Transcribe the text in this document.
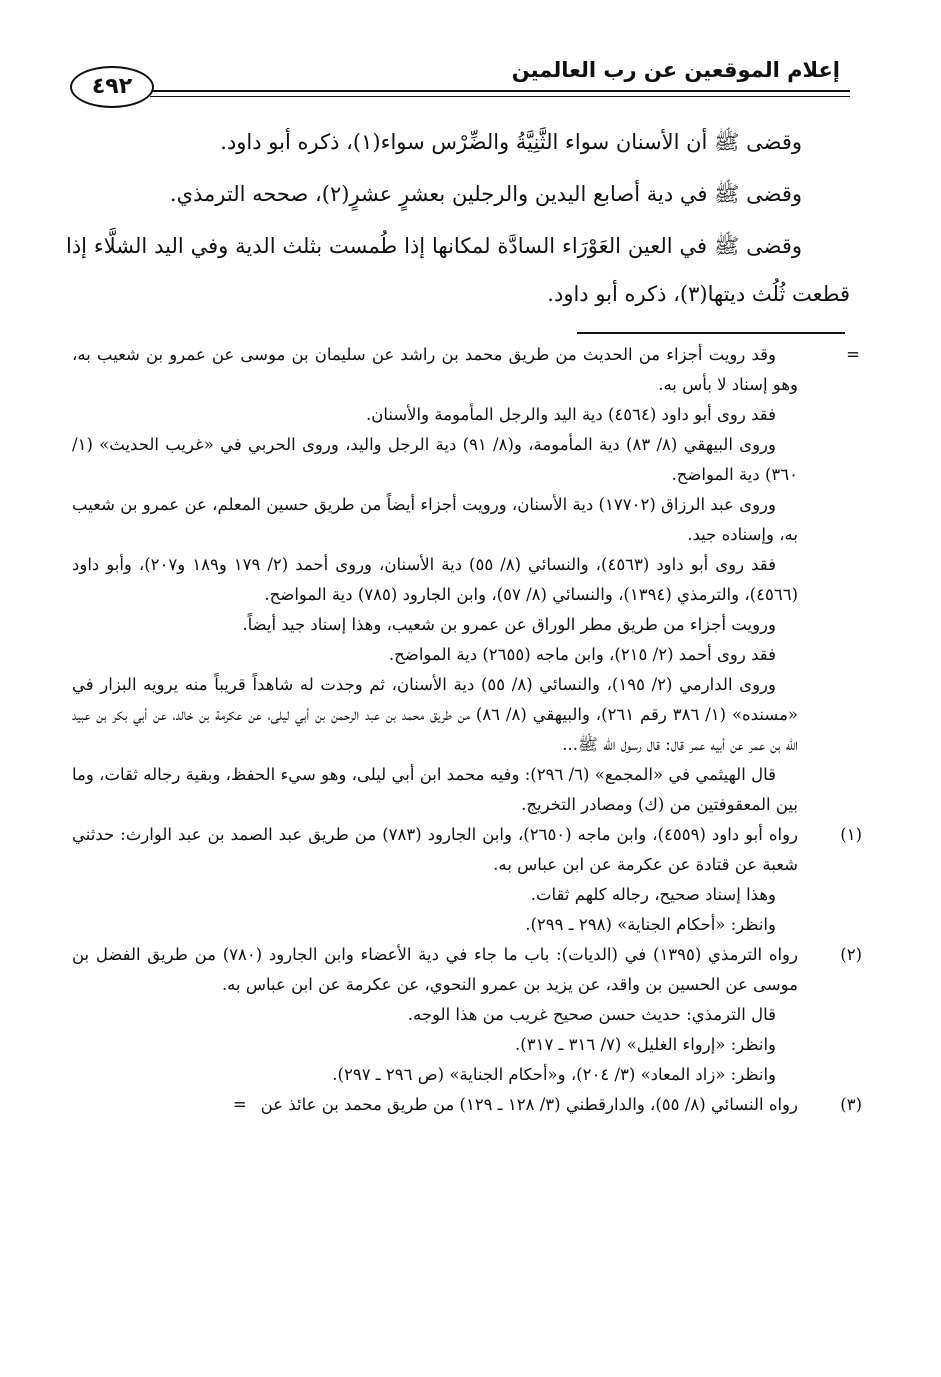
إعلام الموقعين عن رب العالمين
٤٩٢

وقضى ﷺ أن الأسنان سواء الثَّنِيَّةُ والضِّرْس سواء(١)، ذكره أبو داود.

وقضى ﷺ في دية أصابع اليدين والرجلين بعشرٍ عشرٍ(٢)، صححه الترمذي.

وقضى ﷺ في العين العَوْرَاء السادَّة لمكانها إذا طُمست بثلث الدية وفي اليد الشلَّاء إذا قطعت ثُلُث ديتها(٣)، ذكره أبو داود.

=

وقد رويت أجزاء من الحديث من طريق محمد بن راشد عن سليمان بن موسى عن عمرو بن شعيب به، وهو إسناد لا بأس به.

فقد روى أبو داود (٤٥٦٤) دية اليد والرجل المأمومة والأسنان.

وروى البيهقي (٨/ ٨٣) دية المأمومة، و(٨/ ٩١) دية الرجل واليد، وروى الحربي في «غريب الحديث» (١/ ٣٦٠) دية المواضح.

وروى عبد الرزاق (١٧٧٠٢) دية الأسنان، ورويت أجزاء أيضاً من طريق حسين المعلم، عن عمرو بن شعيب به، وإسناده جيد.

فقد روى أبو داود (٤٥٦٣)، والنسائي (٨/ ٥٥) دية الأسنان، وروى أحمد (٢/ ١٧٩ و١٨٩ و٢٠٧)، وأبو داود (٤٥٦٦)، والترمذي (١٣٩٤)، والنسائي (٨/ ٥٧)، وابن الجارود (٧٨٥) دية المواضح.

ورويت أجزاء من طريق مطر الوراق عن عمرو بن شعيب، وهذا إسناد جيد أيضاً.

فقد روى أحمد (٢/ ٢١٥)، وابن ماجه (٢٦٥٥) دية المواضح.

وروى الدارمي (٢/ ١٩٥)، والنسائي (٨/ ٥٥) دية الأسنان، ثم وجدت له شاهداً قريباً منه يرويه البزار في «مسنده» (١/ ٣٨٦ رقم ٢٦١)، والبيهقي (٨/ ٨٦) من طريق محمد بن عبد الرحمن بن أبي ليلى، عن عكرمة بن خالد، عن أبي بكر بن عبيد الله بن عمر عن أبيه عمر قال: قال رسول الله ﷺ...

قال الهيثمي في «المجمع» (٦/ ٢٩٦): وفيه محمد ابن أبي ليلى، وهو سيء الحفظ، وبقية رجاله ثقات، وما بين المعقوفتين من (ك) ومصادر التخريج.

(١)

رواه أبو داود (٤٥٥٩)، وابن ماجه (٢٦٥٠)، وابن الجارود (٧٨٣) من طريق عبد الصمد بن عبد الوارث: حدثني شعبة عن قتادة عن عكرمة عن ابن عباس به.

وهذا إسناد صحيح، رجاله كلهم ثقات.

وانظر: «أحكام الجناية» (٢٩٨ ـ ٢٩٩).

(٢)

رواه الترمذي (١٣٩٥) في (الديات): باب ما جاء في دية الأعضاء وابن الجارود (٧٨٠) من طريق الفضل بن موسى عن الحسين بن واقد، عن يزيد بن عمرو النحوي، عن عكرمة عن ابن عباس به.

قال الترمذي: حديث حسن صحيح غريب من هذا الوجه.

وانظر: «إرواء الغليل» (٧/ ٣١٦ ـ ٣١٧).

وانظر: «زاد المعاد» (٣/ ٢٠٤)، و«أحكام الجناية» (ص ٢٩٦ ـ ٢٩٧).

(٣)

رواه النسائي (٨/ ٥٥)، والدارقطني (٣/ ١٢٨ ـ ١٢٩) من طريق محمد بن عائذ عن=
